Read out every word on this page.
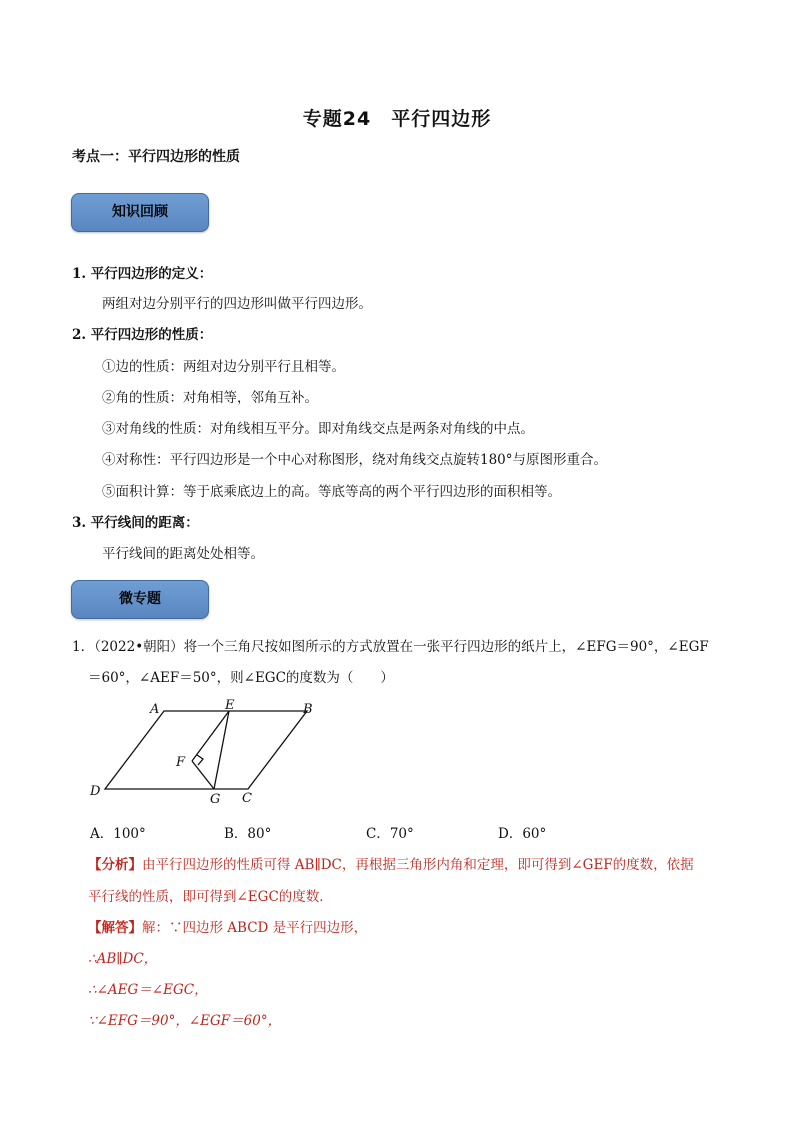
专题24　平行四边形
考点一：平行四边形的性质
知识回顾
1. 平行四边形的定义：
两组对边分别平行的四边形叫做平行四边形。
2. 平行四边形的性质：
①边的性质：两组对边分别平行且相等。
②角的性质：对角相等，邻角互补。
③对角线的性质：对角线相互平分。即对角线交点是两条对角线的中点。
④对称性：平行四边形是一个中心对称图形，绕对角线交点旋转180°与原图形重合。
⑤面积计算：等于底乘底边上的高。等底等高的两个平行四边形的面积相等。
3. 平行线间的距离：
平行线间的距离处处相等。
微专题
1．（2022•朝阳）将一个三角尺按如图所示的方式放置在一张平行四边形的纸片上，∠EFG＝90°，∠EGF
＝60°，∠AEF＝50°，则∠EGC的度数为（　　）
A	B
C
D
E
F
G
A．100°	B．80°	C．70°	D．60°
【分析】由平行四边形的性质可得 AB∥DC，再根据三角形内角和定理，即可得到∠GEF的度数，依据
平行线的性质，即可得到∠EGC的度数．
【解答】解：∵四边形 ABCD 是平行四边形，
∴AB∥DC，
∴∠AEG＝∠EGC，
∵∠EFG＝90°，∠EGF＝60°，
